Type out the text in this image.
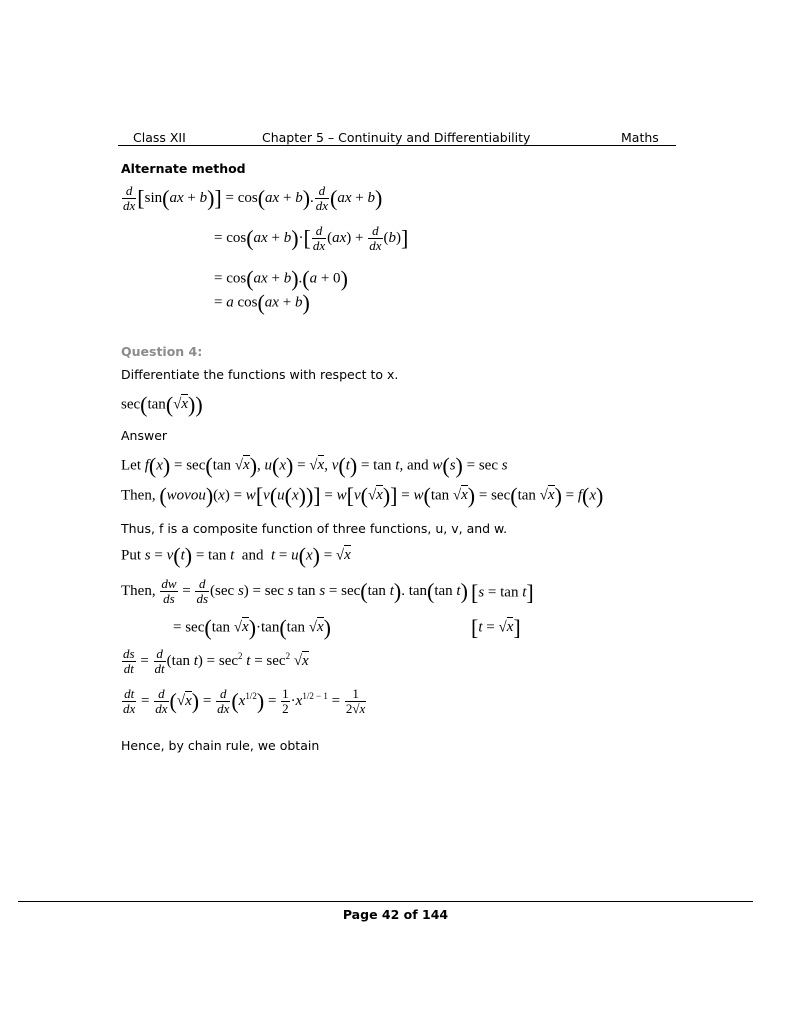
Class XII	Chapter 5 – Continuity and Differentiability	Maths
Alternate method
$\frac{d}{dx} [\sin(ax + b)] = \cos(ax + b)$. $\frac{d}{dx} (ax + b)$
= $\cos(ax + b)\cdot[ \frac{d}{dx} (ax) + \frac{d}{dx} (b)]$
= cos(ax + b).(a + 0)
= a cos(ax + b)
Question 4:
Differentiate the functions with respect to x.
sec(tan(√x))
Answer
Let f(x) = sec(tan √x), u(x) = √x, v(t) = tan t, and w(s) = sec s
Then, (wovou)(x) = w[v(u(x))] = w[v(√x)] = w(tan √x) = sec(tan √x) = f(x)
Thus, f is a composite function of three functions, u, v, and w.
Put s = v(t) = tan t  and  t = u(x) = √x
Then, $\frac{dw}{ds} = \frac{d}{ds} (\sec$ s) = sec s tan s = sec(tan t). tan(tan t) [s = tan t]
= sec(tan √x)·tan(tan √x)	[t = √x]
$\frac{ds}{dt} = \frac{d}{dt} (\tan$ $t) = \sec^2 t = \sec^2 √x$
$\frac{dt}{dx} = \frac{d}{dx} (√x) = \frac{d}{dx} (x^{1/2}) = \frac{1}{2} \cdot x^{1/2 - 1} = \frac{1}{2√x}$
Hence, by chain rule, we obtain
Page 42 of 144
